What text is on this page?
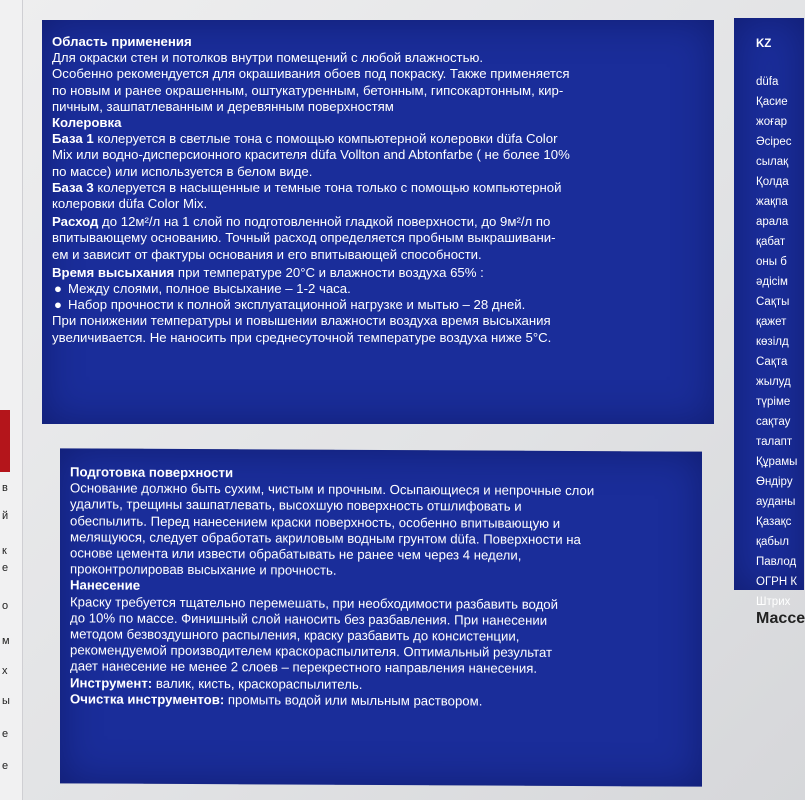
в
й
к
е
о
м
х
ы
е
е
Область применения
Для окраски стен и потолков внутри помещений с любой влажностью.
Особенно рекомендуется для окрашивания обоев под покраску. Также применяется
по новым и ранее окрашенным, оштукатуренным, бетонным, гипсокартонным, кир-
пичным, зашпатлеванным и деревянным поверхностям
Колеровка
База 1 колеруется в светлые тона с помощью компьютерной колеровки düfa Color
Mix или водно-дисперсионного красителя düfa Vollton and Abtonfarbe ( не более 10%
по массе) или используется в белом виде.
База 3 колеруется в насыщенные и темные тона только с помощью компьютерной
колеровки düfa Color Mix.
Расход до 12м²/л на 1 слой по подготовленной гладкой поверхности, до 9м²/л по
впитывающему основанию. Точный расход определяется пробным выкрашивани-
ем и зависит от фактуры основания и его впитывающей способности.
Время высыхания при температуре 20°С и влажности воздуха 65% :
● Между слоями, полное высыхание – 1-2 часа.
● Набор прочности к полной эксплуатационной нагрузке и мытью – 28 дней.
При понижении температуры и повышении влажности воздуха время высыхания
увеличивается. Не наносить при среднесуточной температуре воздуха ниже 5°С.
Подготовка поверхности
Основание должно быть сухим, чистым и прочным. Осыпающиеся и непрочные слои
удалить, трещины зашпатлевать, высохшую поверхность отшлифовать и
обеспылить. Перед нанесением краски поверхность, особенно впитывающую и
мелящуюся, следует обработать акриловым водным грунтом düfa. Поверхности на
основе цемента или извести обрабатывать не ранее чем через 4 недели,
проконтролировав высыхание и прочность.
Нанесение
Краску требуется тщательно перемешать, при необходимости разбавить водой
до 10% по массе. Финишный слой наносить без разбавления. При нанесении
методом безвоздушного распыления, краску разбавить до консистенции,
рекомендуемой производителем краскораспылителя. Оптимальный результат
дает нанесение не менее 2 слоев – перекрестного направления нанесения.
Инструмент: валик, кисть, краскораспылитель.
Очистка инструментов: промыть водой или мыльным раствором.
KZ
düfa
Қасие
жоғар
Әсірес
сылақ
Қолда
жақпа
арала
қабат
оны б
әдісім
Сақты
қажет
көзілд
Сақта
жылуд
түріме
сақтау
талапт
Құрамы
Өндіру
ауданы
Қазақс
қабыл
Павлод
ОГРН К
Штрих
Массе
